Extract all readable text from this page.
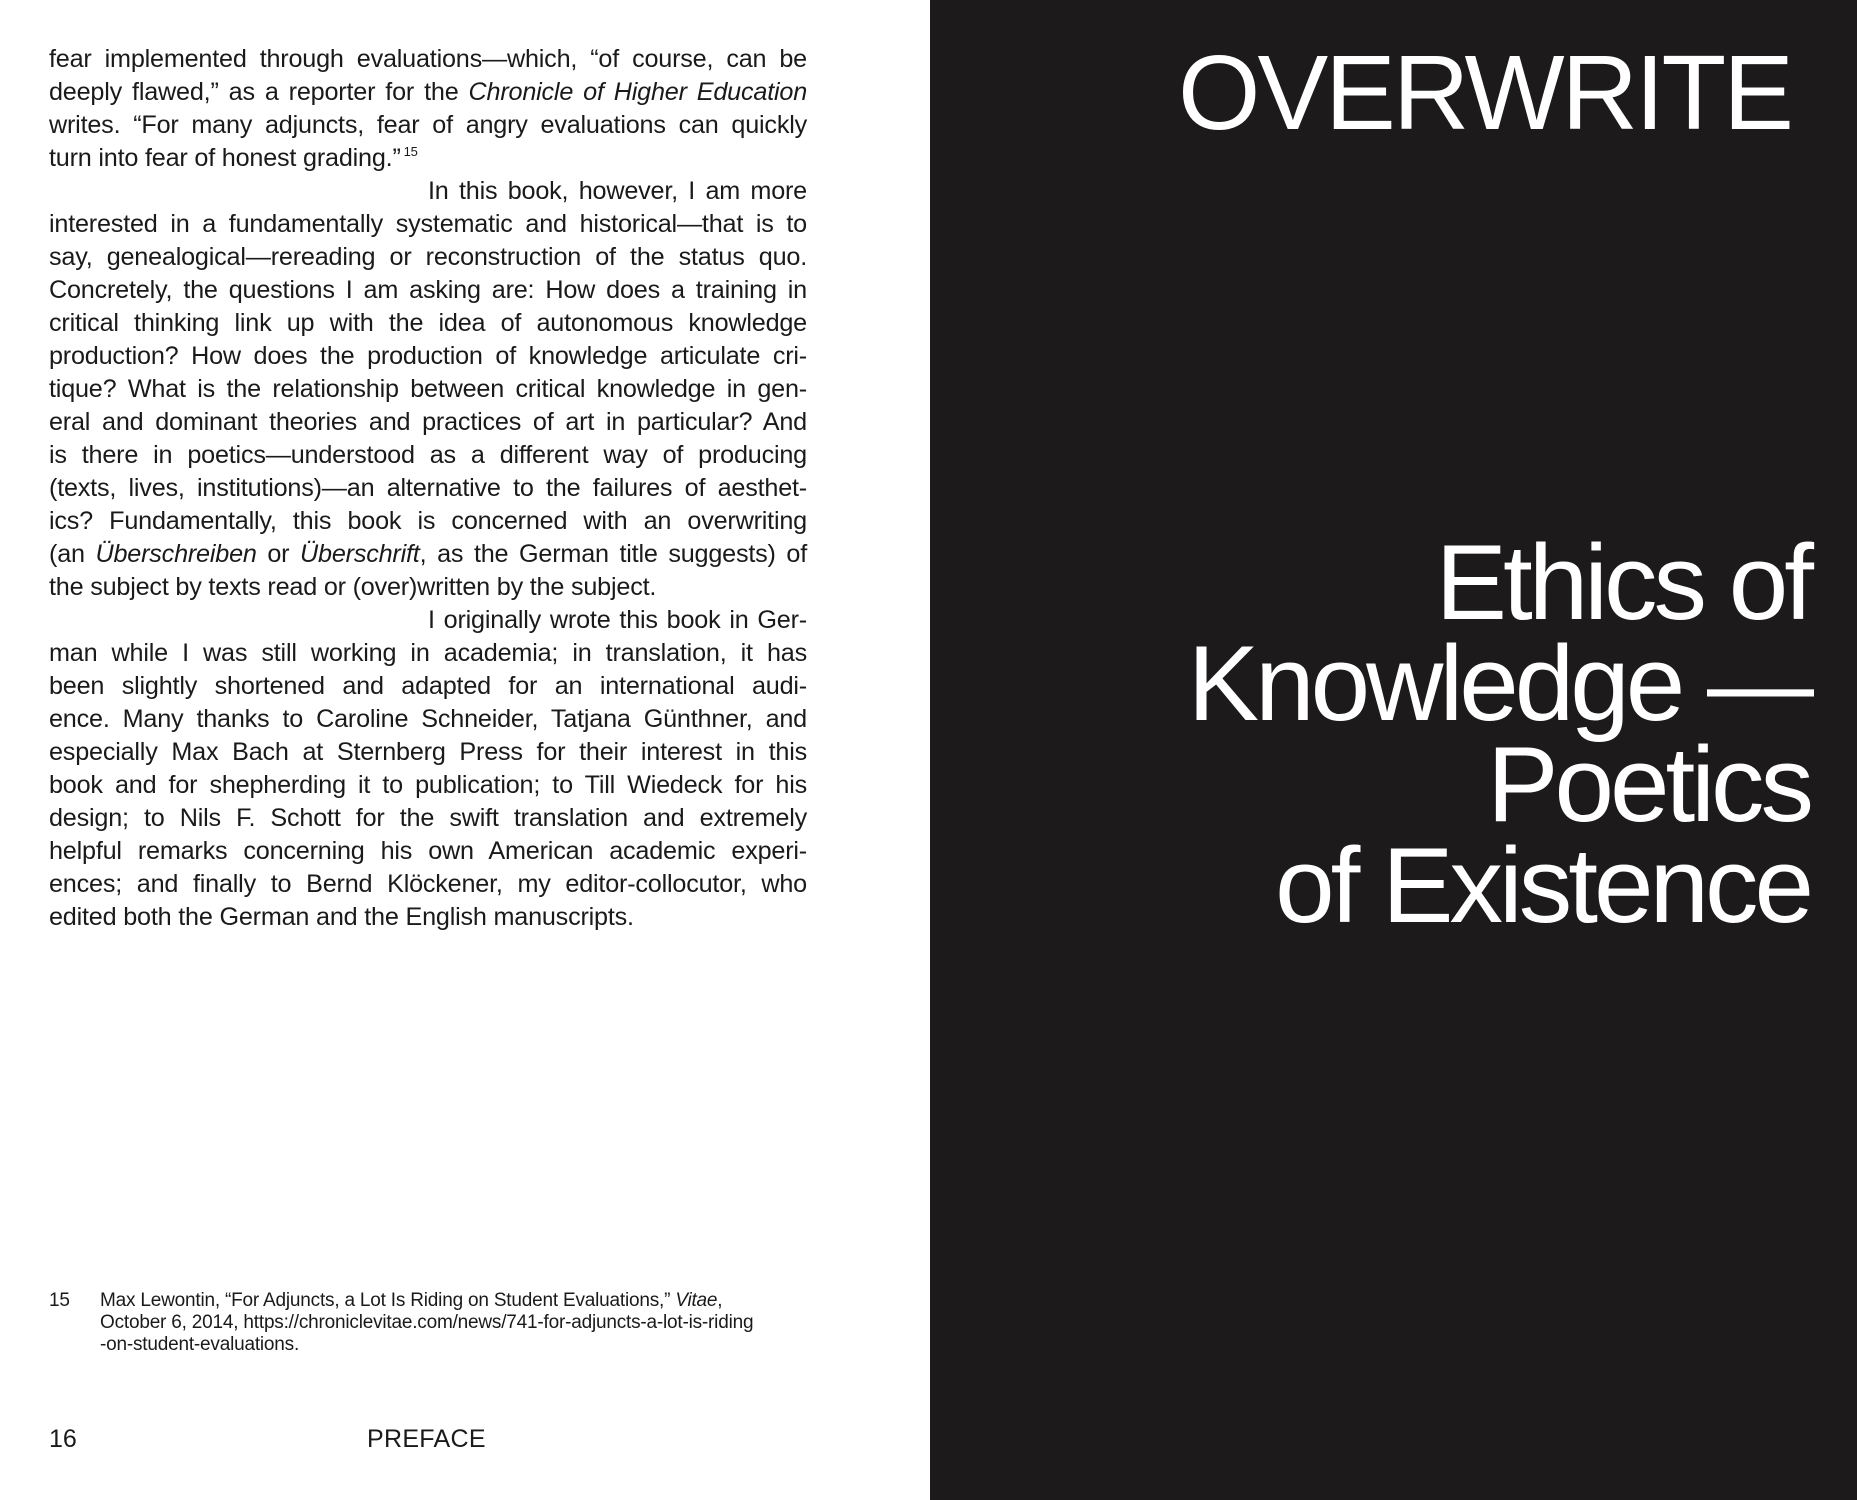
fear implemented through evaluations—which, “of course, can be
deeply flawed,” as a reporter for the Chronicle of Higher Education
writes. “For many adjuncts, fear of angry evaluations can quickly
turn into fear of honest grading.” $^{15}$
In this book, however, I am more
interested in a fundamentally systematic and historical—that is to
say, genealogical—rereading or reconstruction of the status quo.
Concretely, the questions I am asking are: How does a training in
critical thinking link up with the idea of autonomous knowledge
production? How does the production of knowledge articulate cri-
tique? What is the relationship between critical knowledge in gen-
eral and dominant theories and practices of art in particular? And
is there in poetics—understood as a different way of producing
(texts, lives, institutions)—an alternative to the failures of aesthet-
ics? Fundamentally, this book is concerned with an overwriting
(an Überschreiben or Überschrift, as the German title suggests) of
the subject by texts read or (over)written by the subject.
I originally wrote this book in Ger-
man while I was still working in academia; in translation, it has
been slightly shortened and adapted for an international audi-
ence. Many thanks to Caroline Schneider, Tatjana Günthner, and
especially Max Bach at Sternberg Press for their interest in this
book and for shepherding it to publication; to Till Wiedeck for his
design; to Nils F. Schott for the swift translation and extremely
helpful remarks concerning his own American academic experi-
ences; and finally to Bernd Klöckener, my editor-collocutor, who
edited both the German and the English manuscripts.
15 Max Lewontin, “For Adjuncts, a Lot Is Riding on Student Evaluations,” Vitae,
October 6, 2014, https://chroniclevitae.com/news/741-for-adjuncts-a-lot-is-riding
-on-student-evaluations.
16	PREFACE
OVERWRITE
Ethics of
Knowledge —
Poetics
of Existence
